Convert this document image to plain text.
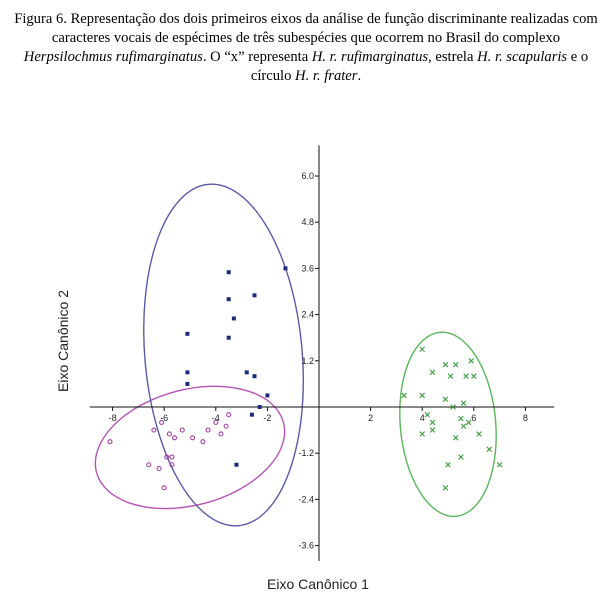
Figura 6. Representação dos dois primeiros eixos da análise de função discriminante realizadas com caracteres vocais de espécimes de três subespécies que ocorrem no Brasil do complexo Herpsilochmus rufimarginatus. O “x” representa H. r. rufimarginatus, estrela H. r. scapularis e o círculo H. r. frater.
-8	-6	-4	-2	2	4	6	8
6.0
4.8
3.6
2.4
1.2
-1.2
-2.4
-3.6
Eixo Canônico 1
Eixo Canônico 2
